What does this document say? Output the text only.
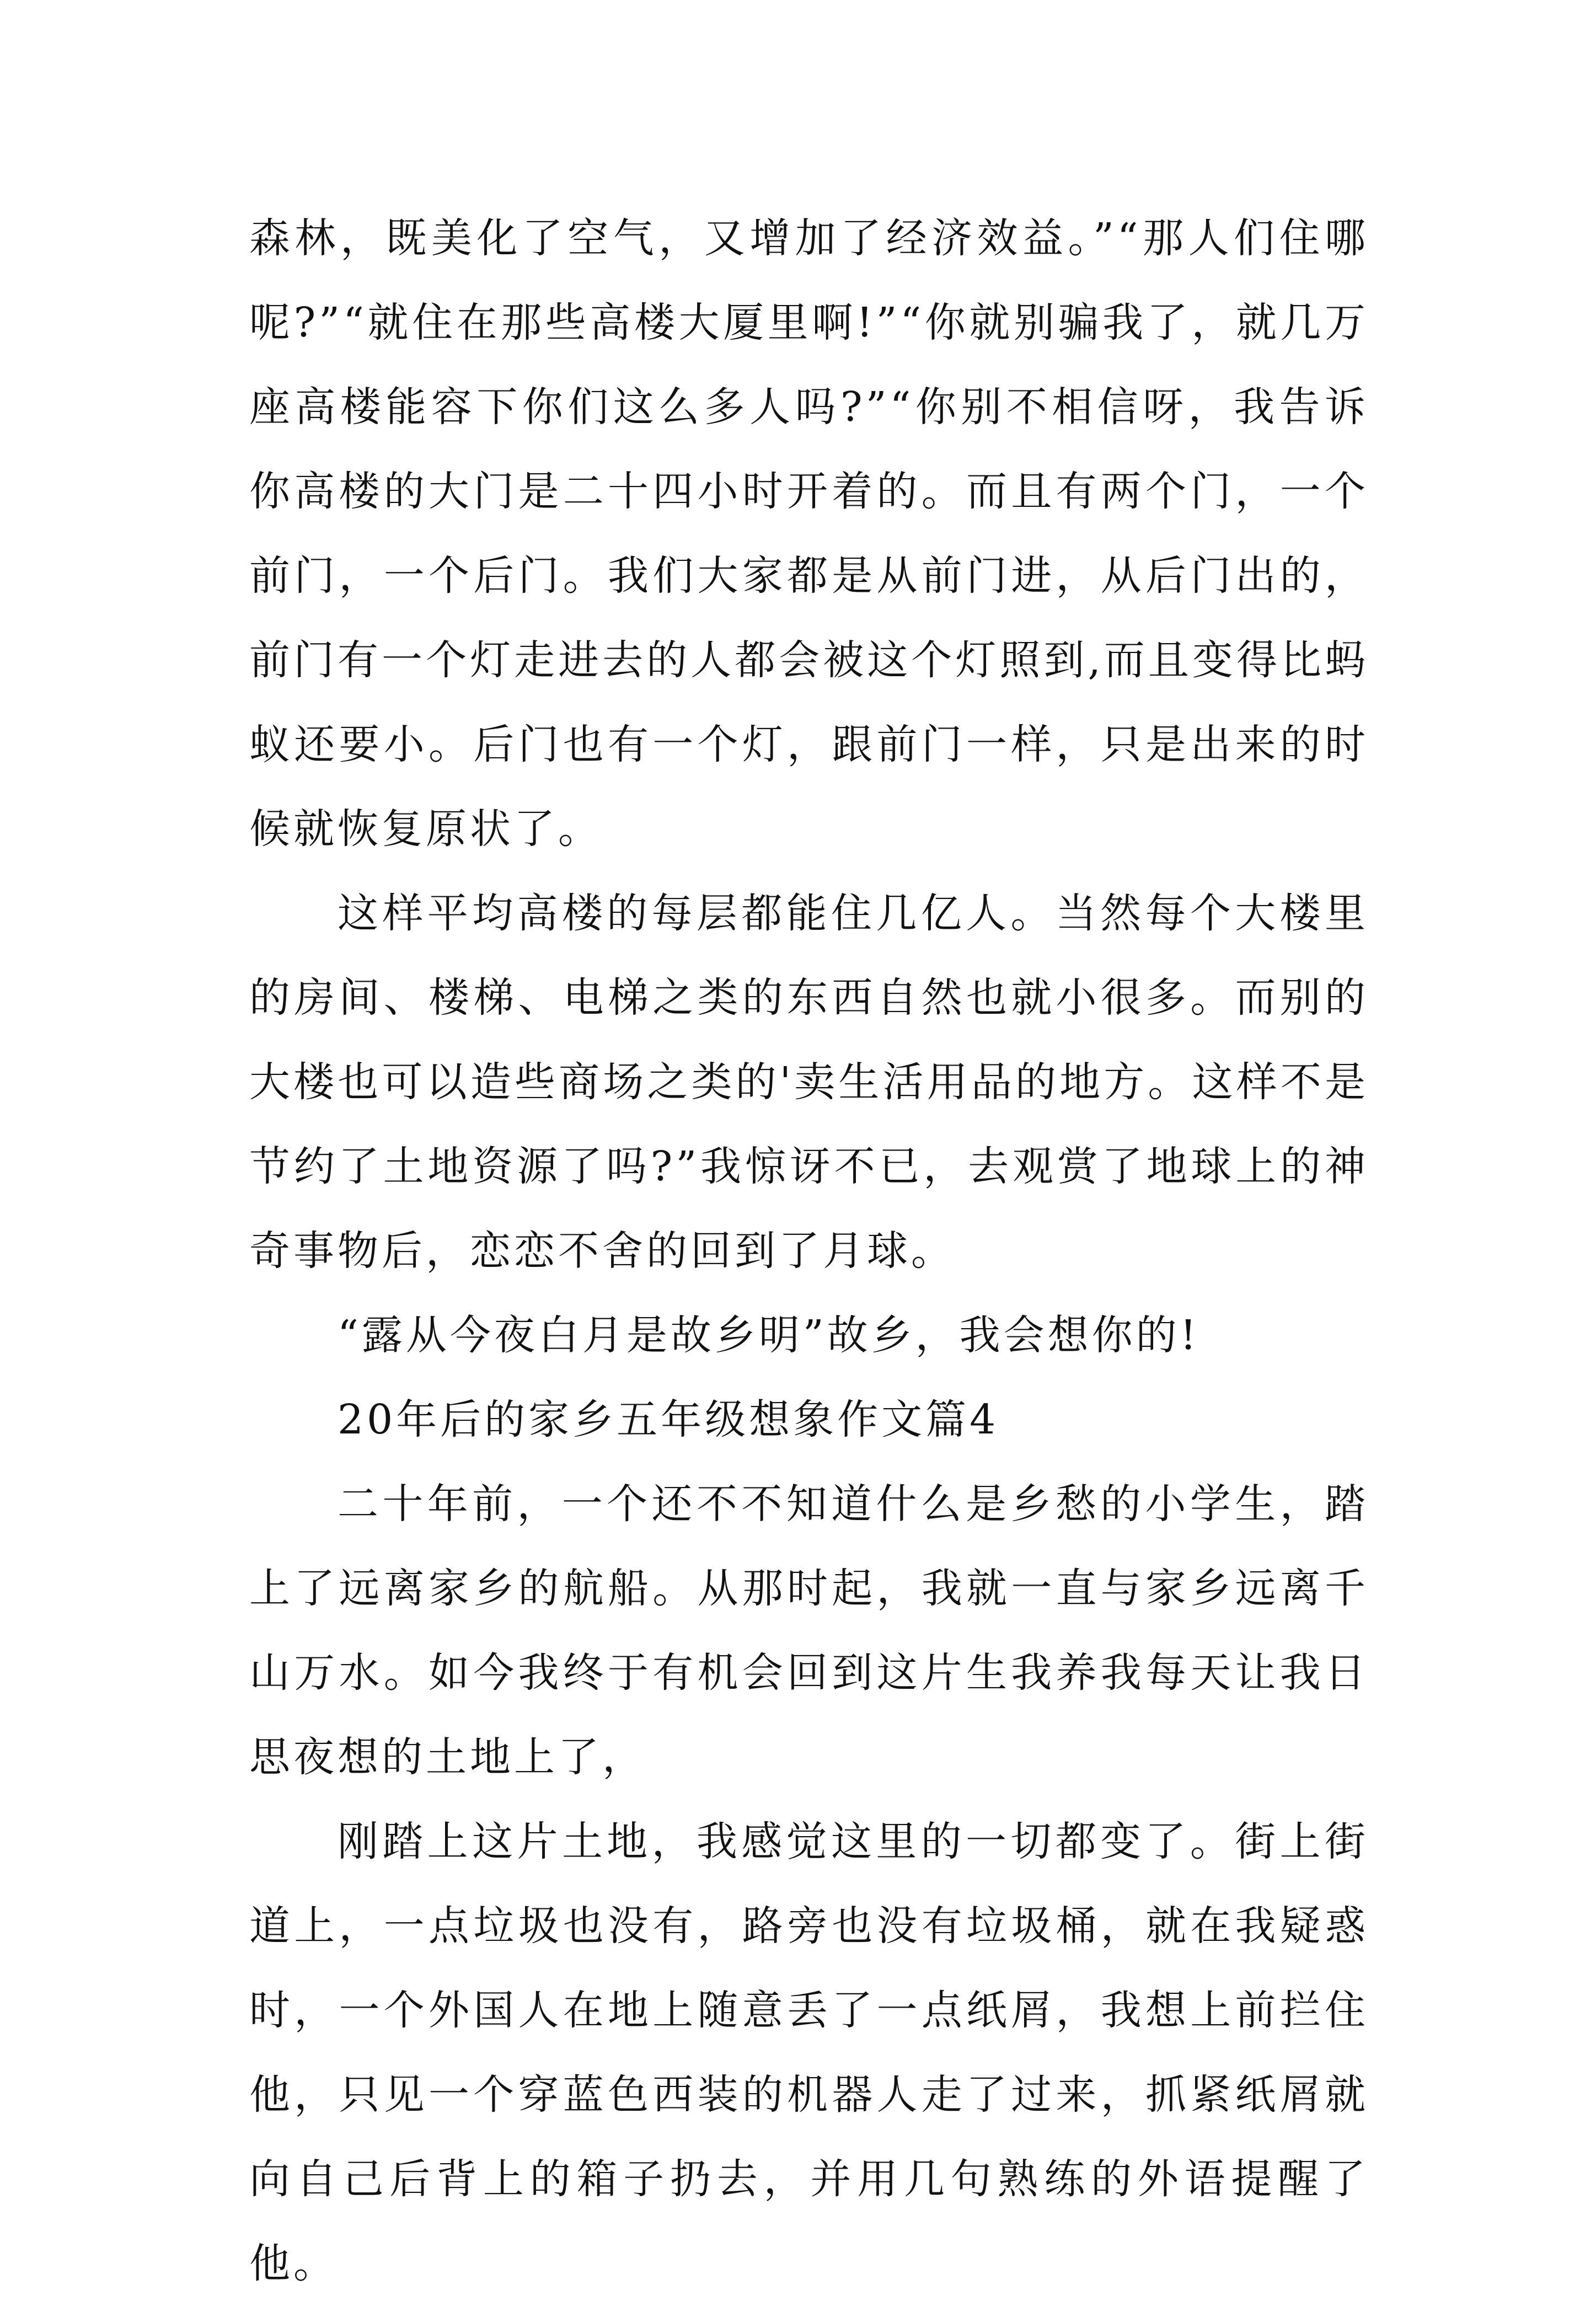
森林，既美化了空气，又增加了经济效益。”“那人们住哪呢?”“就住在那些高楼大厦里啊!”“你就别骗我了，就几万座高楼能容下你们这么多人吗?”“你别不相信呀，我告诉你高楼的大门是二十四小时开着的。而且有两个门，一个前门，一个后门。我们大家都是从前门进，从后门出的，前门有一个灯走进去的人都会被这个灯照到,而且变得比蚂蚁还要小。后门也有一个灯，跟前门一样，只是出来的时候就恢复原状了。

这样平均高楼的每层都能住几亿人。当然每个大楼里的房间、楼梯、电梯之类的东西自然也就小很多。而别的大楼也可以造些商场之类的'卖生活用品的地方。这样不是节约了土地资源了吗?”我惊讶不已，去观赏了地球上的神奇事物后，恋恋不舍的回到了月球。

“露从今夜白月是故乡明”故乡，我会想你的!

20年后的家乡五年级想象作文篇4

二十年前，一个还不不知道什么是乡愁的小学生，踏上了远离家乡的航船。从那时起，我就一直与家乡远离千山万水。如今我终于有机会回到这片生我养我每天让我日思夜想的土地上了，

刚踏上这片土地，我感觉这里的一切都变了。街上街道上，一点垃圾也没有，路旁也没有垃圾桶，就在我疑惑时，一个外国人在地上随意丢了一点纸屑，我想上前拦住他，只见一个穿蓝色西装的机器人走了过来，抓紧纸屑就向自己后背上的箱子扔去，并用几句熟练的外语提醒了他。
